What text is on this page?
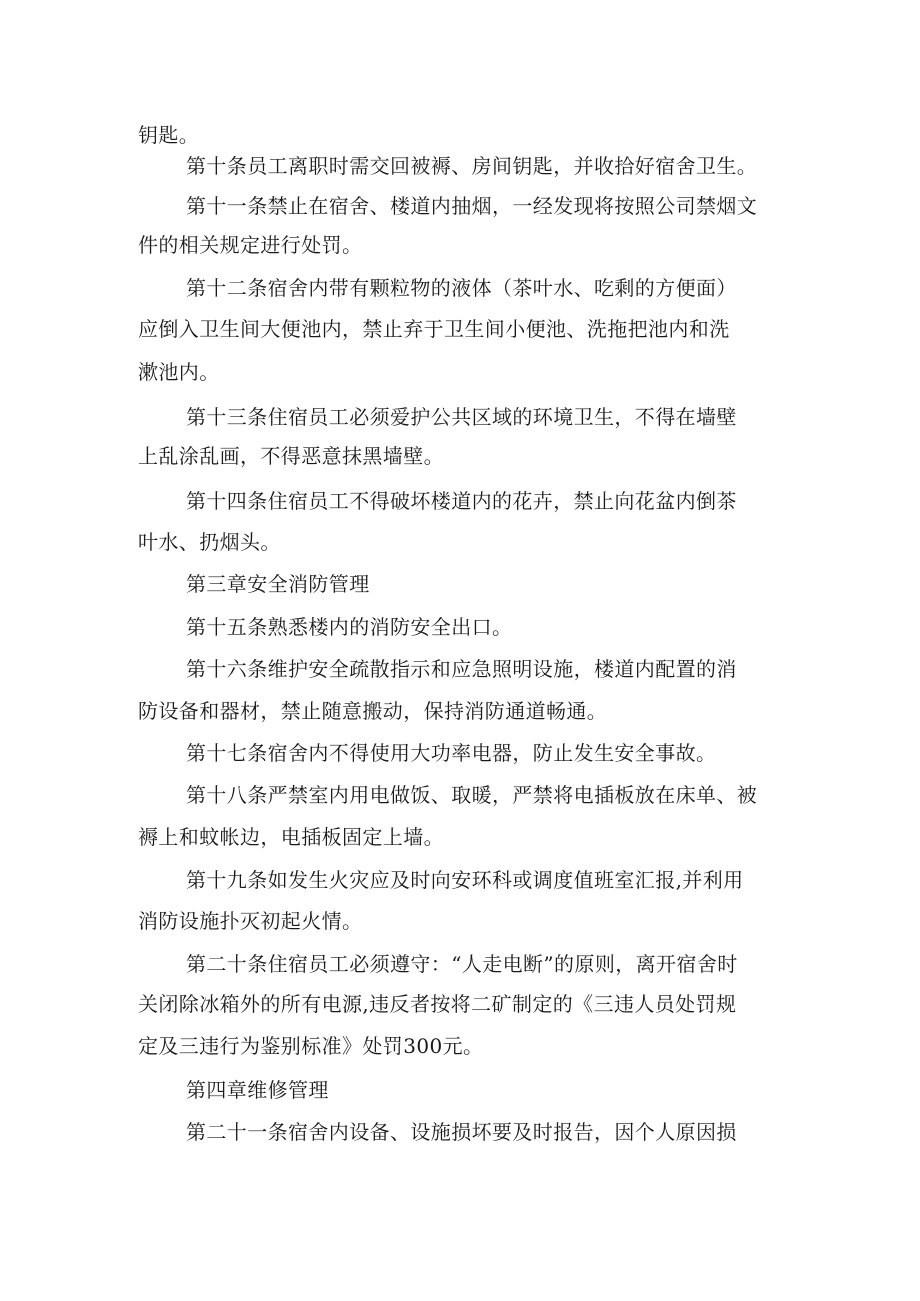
钥匙。

第十条员工离职时需交回被褥、房间钥匙，并收拾好宿舍卫生。

第十一条禁止在宿舍、楼道内抽烟，一经发现将按照公司禁烟文

件的相关规定进行处罚。

第十二条宿舍内带有颗粒物的液体（茶叶水、吃剩的方便面）

应倒入卫生间大便池内，禁止弃于卫生间小便池、洗拖把池内和洗

漱池内。

第十三条住宿员工必须爱护公共区域的环境卫生，不得在墙壁

上乱涂乱画，不得恶意抹黑墙壁。

第十四条住宿员工不得破坏楼道内的花卉，禁止向花盆内倒茶

叶水、扔烟头。

第三章安全消防管理

第十五条熟悉楼内的消防安全出口。

第十六条维护安全疏散指示和应急照明设施，楼道内配置的消

防设备和器材，禁止随意搬动，保持消防通道畅通。

第十七条宿舍内不得使用大功率电器，防止发生安全事故。

第十八条严禁室内用电做饭、取暖，严禁将电插板放在床单、被

褥上和蚊帐边，电插板固定上墙。

第十九条如发生火灾应及时向安环科或调度值班室汇报,并利用

消防设施扑灭初起火情。

第二十条住宿员工必须遵守：“人走电断”的原则，离开宿舍时

关闭除冰箱外的所有电源,违反者按将二矿制定的《三违人员处罚规

定及三违行为鉴别标准》处罚300元。

第四章维修管理

第二十一条宿舍内设备、设施损坏要及时报告，因个人原因损
